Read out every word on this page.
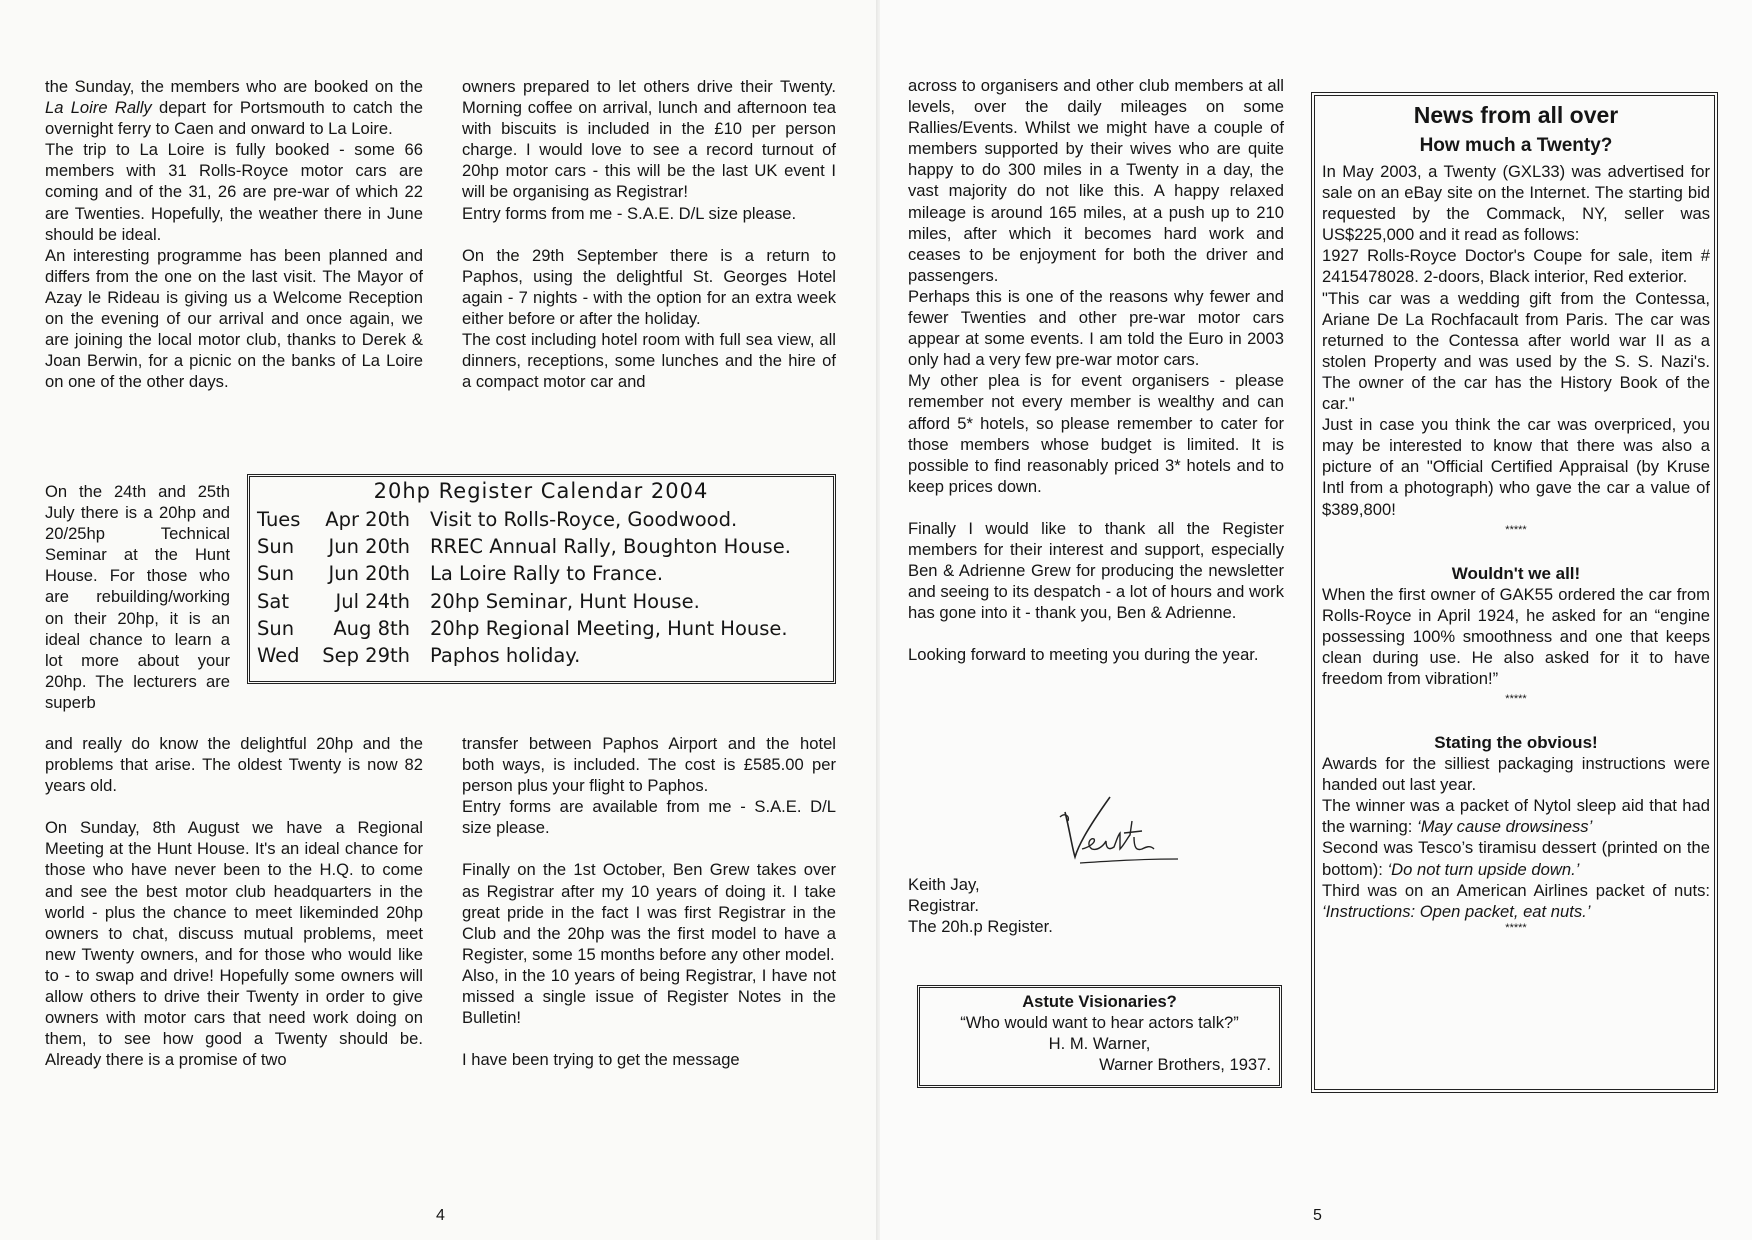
the Sunday, the members who are booked on the La Loire Rally depart for Portsmouth to catch the overnight ferry to Caen and onward to La Loire.

The trip to La Loire is fully booked - some 66 members with 31 Rolls-Royce motor cars are coming and of the 31, 26 are pre-war of which 22 are Twenties. Hopefully, the weather there in June should be ideal.

An interesting programme has been planned and differs from the one on the last visit. The Mayor of Azay le Rideau is giving us a Welcome Reception on the evening of our arrival and once again, we are joining the local motor club, thanks to Derek & Joan Berwin, for a picnic on the banks of La Loire on one of the other days.

On the 24th and 25th July there is a 20hp and 20/25hp Technical Seminar at the Hunt House. For those who are rebuilding/working on their 20hp, it is an ideal chance to learn a lot more about your 20hp. The lecturers are superb

and really do know the delightful 20hp and the problems that arise. The oldest Twenty is now 82 years old.

On Sunday, 8th August we have a Regional Meeting at the Hunt House. It's an ideal chance for those who have never been to the H.Q. to come and see the best motor club headquarters in the world - plus the chance to meet likeminded 20hp owners to chat, discuss mutual problems, meet new Twenty owners, and for those who would like to - to swap and drive! Hopefully some owners will allow others to drive their Twenty in order to give owners with motor cars that need work doing on them, to see how good a Twenty should be. Already there is a promise of two

owners prepared to let others drive their Twenty. Morning coffee on arrival, lunch and afternoon tea with biscuits is included in the £10 per person charge. I would love to see a record turnout of 20hp motor cars - this will be the last UK event I will be organising as Registrar!

Entry forms from me - S.A.E. D/L size please.

On the 29th September there is a return to Paphos, using the delightful St. Georges Hotel again - 7 nights - with the option for an extra week either before or after the holiday.

The cost including hotel room with full sea view, all dinners, receptions, some lunches and the hire of a compact motor car and

20hp Register Calendar 2004
Tues	Apr 20th	Visit to Rolls-Royce, Goodwood.
Sun	Jun 20th	RREC Annual Rally, Boughton House.
Sun	Jun 20th	La Loire Rally to France.
Sat	Jul 24th	20hp Seminar, Hunt House.
Sun	Aug 8th	20hp Regional Meeting, Hunt House.
Wed	Sep 29th	Paphos holiday.

transfer between Paphos Airport and the hotel both ways, is included. The cost is £585.00 per person plus your flight to Paphos.

Entry forms are available from me - S.A.E. D/L size please.

Finally on the 1st October, Ben Grew takes over as Registrar after my 10 years of doing it. I take great pride in the fact I was first Registrar in the Club and the 20hp was the first model to have a Register, some 15 months before any other model.

Also, in the 10 years of being Registrar, I have not missed a single issue of Register Notes in the Bulletin!

I have been trying to get the message

4

across to organisers and other club members at all levels, over the daily mileages on some Rallies/Events. Whilst we might have a couple of members supported by their wives who are quite happy to do 300 miles in a Twenty in a day, the vast majority do not like this. A happy relaxed mileage is around 165 miles, at a push up to 210 miles, after which it becomes hard work and ceases to be enjoyment for both the driver and passengers.

Perhaps this is one of the reasons why fewer and fewer Twenties and other pre-war motor cars appear at some events. I am told the Euro in 2003 only had a very few pre-war motor cars.

My other plea is for event organisers - please remember not every member is wealthy and can afford 5* hotels, so please remember to cater for those members whose budget is limited. It is possible to find reasonably priced 3* hotels and to keep prices down.

Finally I would like to thank all the Register members for their interest and support, especially Ben & Adrienne Grew for producing the newsletter and seeing to its despatch - a lot of hours and work has gone into it - thank you, Ben & Adrienne.

Looking forward to meeting you during the year.

Keith Jay,

Registrar.

The 20h.p Register.

Astute Visionaries?

“Who would want to hear actors talk?”

H. M. Warner,

Warner Brothers, 1937.

News from all over
How much a Twenty?

In May 2003, a Twenty (GXL33) was advertised for sale on an eBay site on the Internet. The starting bid requested by the Commack, NY, seller was US$225,000 and it read as follows:

1927 Rolls-Royce Doctor's Coupe for sale, item # 2415478028. 2-doors, Black interior, Red exterior.

"This car was a wedding gift from the Contessa, Ariane De La Rochfacault from Paris. The car was returned to the Contessa after world war II as a stolen Property and was used by the S. S. Nazi's. The owner of the car has the History Book of the car."

Just in case you think the car was overpriced, you may be interested to know that there was also a picture of an "Official Certified Appraisal (by Kruse Intl from a photograph) who gave the car a value of $389,800!

*****
Wouldn't we all!

When the first owner of GAK55 ordered the car from Rolls-Royce in April 1924, he asked for an “engine possessing 100% smoothness and one that keeps clean during use. He also asked for it to have freedom from vibration!”

*****
Stating the obvious!

Awards for the silliest packaging instructions were handed out last year.

The winner was a packet of Nytol sleep aid that had the warning: ‘May cause drowsiness’

Second was Tesco’s tiramisu dessert (printed on the bottom): ‘Do not turn upside down.’

Third was on an American Airlines packet of nuts: ‘Instructions: Open packet, eat nuts.’

*****
5
